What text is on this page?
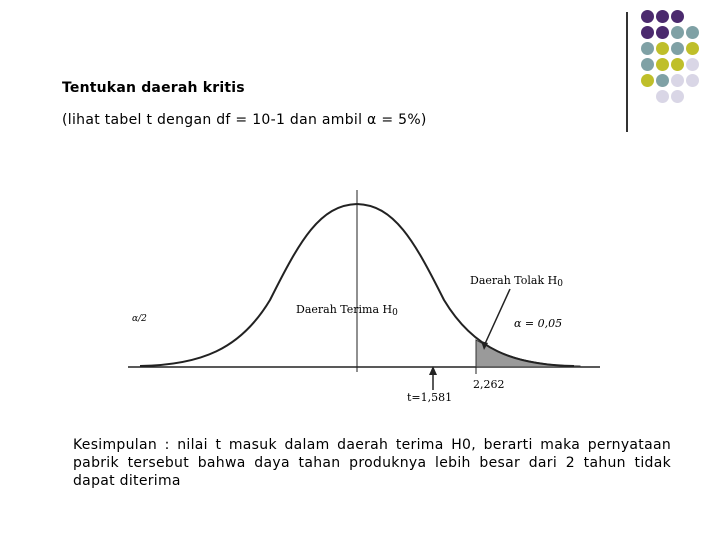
Tentukan daerah kritis
(lihat tabel t dengan df = 10-1 dan ambil α = 5%)
α/2
Daerah Terima H0
Daerah Tolak H0
α = 0,05
2,262
t=1,581
Kesimpulan : nilai t masuk dalam daerah terima H0, berarti maka pernyataan pabrik tersebut bahwa daya tahan produknya lebih besar dari 2 tahun tidak dapat diterima
